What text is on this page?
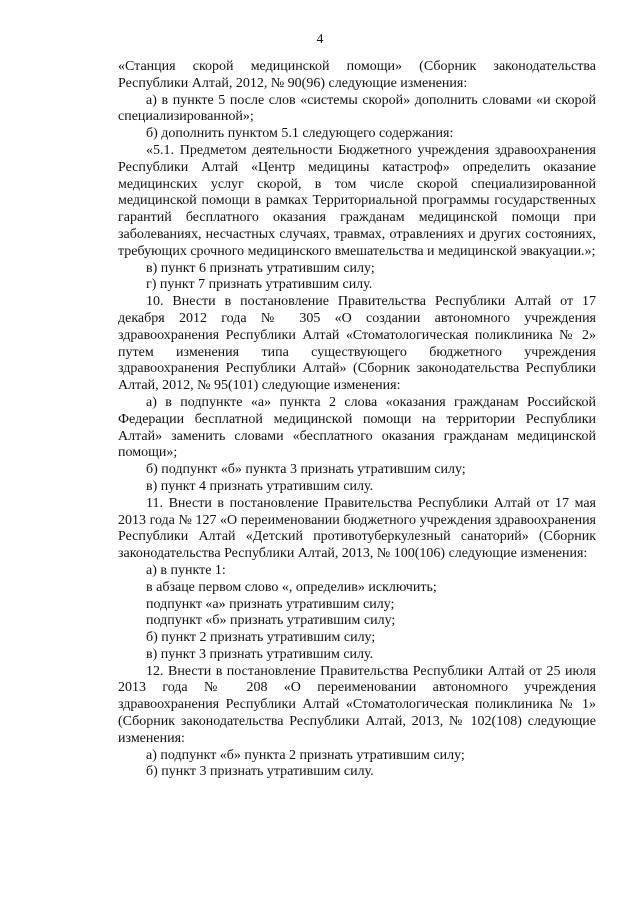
4
«Станция скорой медицинской помощи» (Сборник законодательства Республики Алтай, 2012, № 90(96) следующие изменения:
а) в пункте 5 после слов «системы скорой» дополнить словами «и скорой специализированной»;
б) дополнить пунктом 5.1 следующего содержания:
«5.1. Предметом деятельности Бюджетного учреждения здравоохранения Республики Алтай «Центр медицины катастроф» определить оказание медицинских услуг скорой, в том числе скорой специализированной медицинской помощи в рамках Территориальной программы государственных гарантий бесплатного оказания гражданам медицинской помощи при заболеваниях, несчастных случаях, травмах, отравлениях и других состояниях, требующих срочного медицинского вмешательства и медицинской эвакуации.»;
в) пункт 6 признать утратившим силу;
г) пункт 7 признать утратившим силу.
10. Внести в постановление Правительства Республики Алтай от 17 декабря 2012 года № 305 «О создании автономного учреждения здравоохранения Республики Алтай «Стоматологическая поликлиника № 2» путем изменения типа существующего бюджетного учреждения здравоохранения Республики Алтай» (Сборник законодательства Республики Алтай, 2012, № 95(101) следующие изменения:
а) в подпункте «а» пункта 2 слова «оказания гражданам Российской Федерации бесплатной медицинской помощи на территории Республики Алтай» заменить словами «бесплатного оказания гражданам медицинской помощи»;
б) подпункт «б» пункта 3 признать утратившим силу;
в) пункт 4 признать утратившим силу.
11. Внести в постановление Правительства Республики Алтай от 17 мая 2013 года № 127 «О переименовании бюджетного учреждения здравоохранения Республики Алтай «Детский противотуберкулезный санаторий» (Сборник законодательства Республики Алтай, 2013, № 100(106) следующие изменения:
а) в пункте 1:
в абзаце первом слово «, определив» исключить;
подпункт «а» признать утратившим силу;
подпункт «б» признать утратившим силу;
б) пункт 2 признать утратившим силу;
в) пункт 3 признать утратившим силу.
12. Внести в постановление Правительства Республики Алтай от 25 июля 2013 года № 208 «О переименовании автономного учреждения здравоохранения Республики Алтай «Стоматологическая поликлиника № 1» (Сборник законодательства Республики Алтай, 2013, № 102(108) следующие изменения:
а) подпункт «б» пункта 2 признать утратившим силу;
б) пункт 3 признать утратившим силу.
